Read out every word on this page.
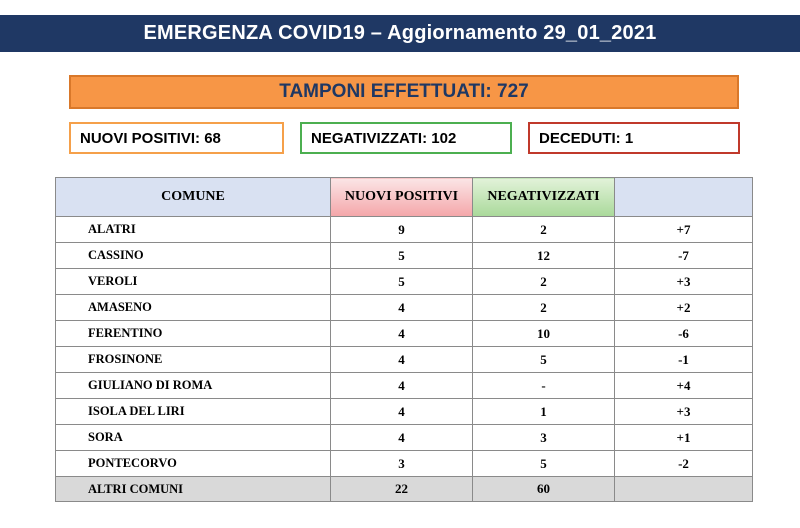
EMERGENZA COVID19 – Aggiornamento 29_01_2021
TAMPONI EFFETTUATI: 727
NUOVI POSITIVI: 68	NEGATIVIZZATI: 102	DECEDUTI: 1
COMUNE	NUOVI POSITIVI	NEGATIVIZZATI	
ALATRI	9	2	+7
CASSINO	5	12	-7
VEROLI	5	2	+3
AMASENO	4	2	+2
FERENTINO	4	10	-6
FROSINONE	4	5	-1
GIULIANO DI ROMA	4	-	+4
ISOLA DEL LIRI	4	1	+3
SORA	4	3	+1
PONTECORVO	3	5	-2
ALTRI COMUNI	22	60	
